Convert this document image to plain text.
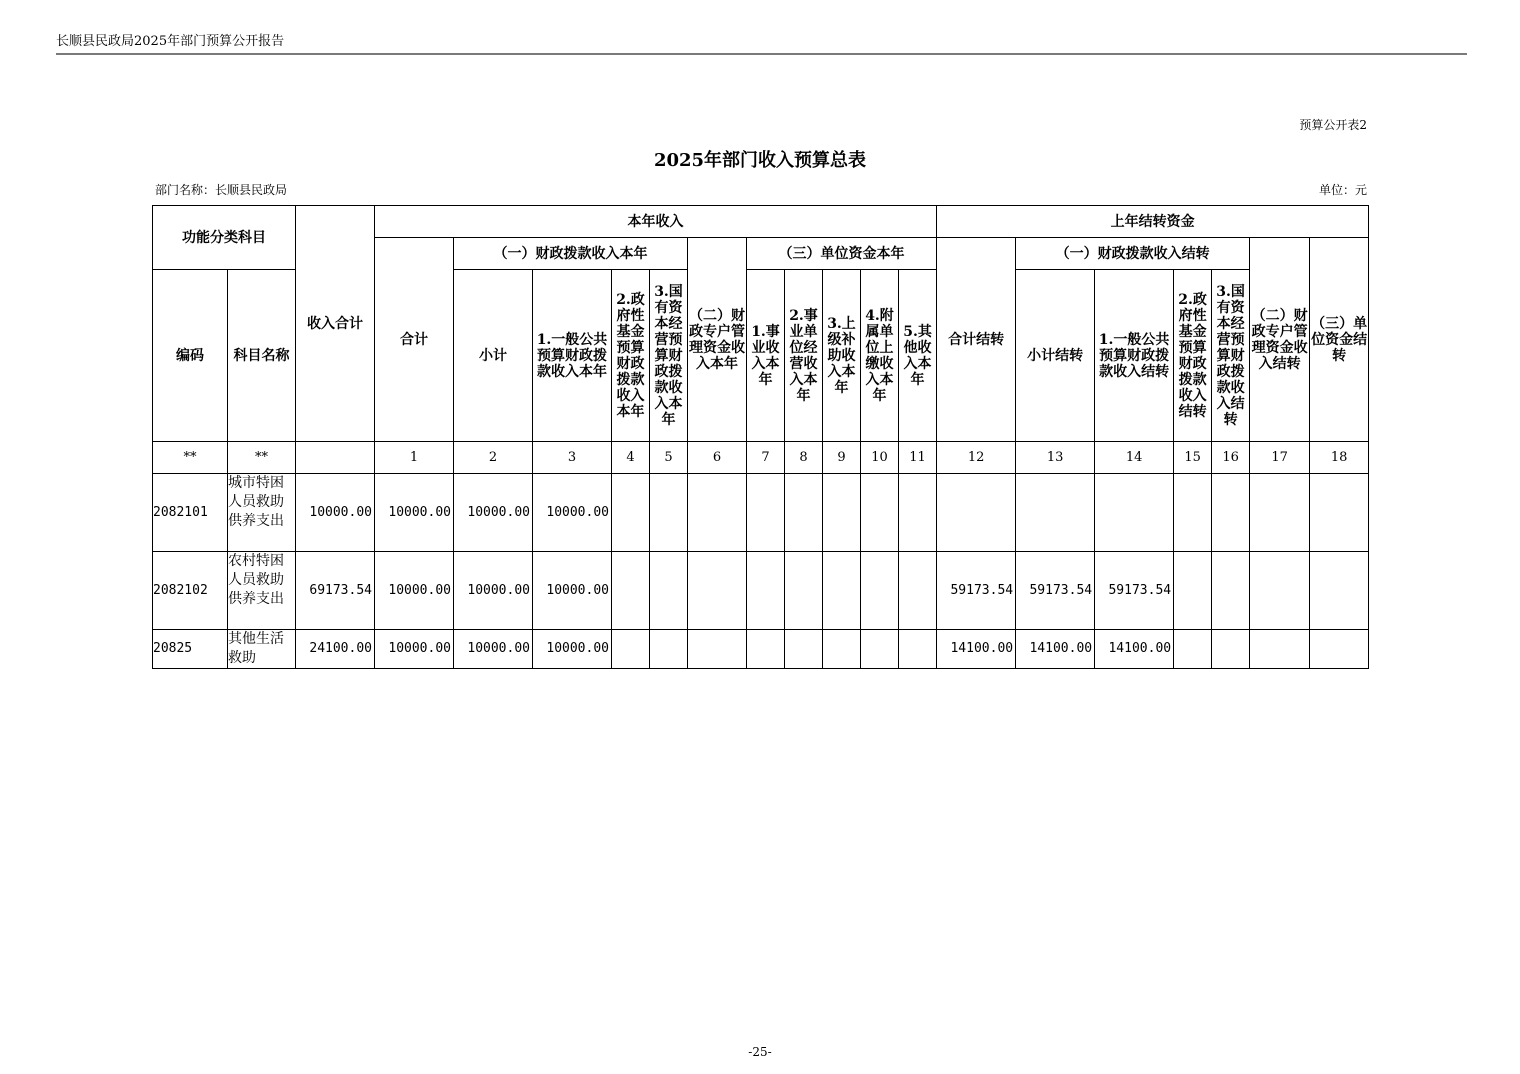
长顺县民政局2025年部门预算公开报告
预算公开表2
2025年部门收入预算总表
部门名称：长顺县民政局	单位：元
功能分类科目		收入合计	本年收入											上年结转资金						
			合计	（一）财政拨款收入本年				（二）财政专户管理资金收入本年	（三）单位资金本年					合计结转	（一）财政拨款收入结转				（二）财政专户管理资金收入结转	（三）单位资金结转
编码	科目名称			小计	1.一般公共预算财政拨款收入本年	2.政府性基金预算财政拨款收入本年	3.国有资本经营预算财政拨款收入本年		1.事业收入本年	2.事业单位经营收入本年	3.上级补助收入本年	4.附属单位上缴收入本年	5.其他收入本年		小计结转	1.一般公共预算财政拨款收入结转	2.政府性基金预算财政拨款收入结转	3.国有资本经营预算财政拨款收入结转		
**	**		1	2	3	4	5	6	7	8	9	10	11	12	13	14	15	16	17	18
2082101	城市特困人员救助供养支出	10000.00	10000.00	10000.00	10000.00															
2082102	农村特困人员救助供养支出	69173.54	10000.00	10000.00	10000.00									59173.54	59173.54	59173.54				
20825	其他生活救助	24100.00	10000.00	10000.00	10000.00									14100.00	14100.00	14100.00				
-25-
